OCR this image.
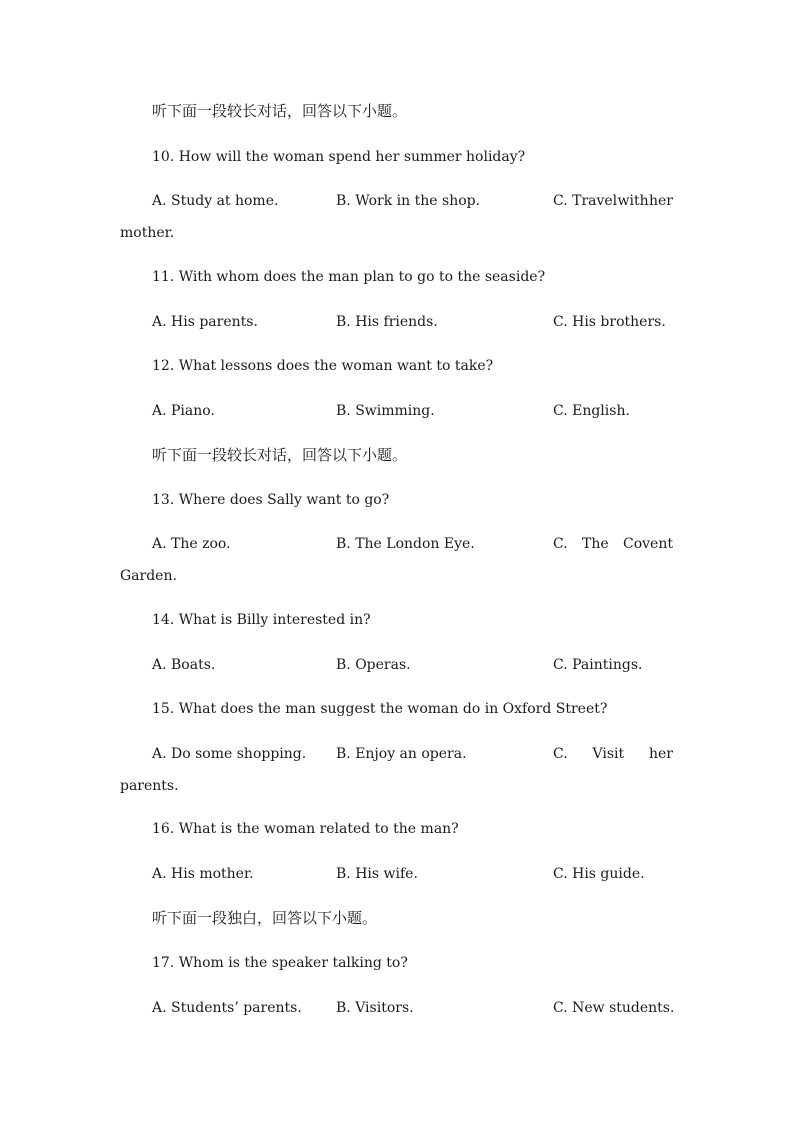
听下面一段较长对话，回答以下小题。
10. How will the woman spend her summer holiday?
A. Study at home.	B. Work in the shop.	C. Travel with her
mother.
11. With whom does the man plan to go to the seaside?
A. His parents.	B. His friends.	C. His brothers.
12. What lessons does the woman want to take?
A. Piano.	B. Swimming.	C. English.
听下面一段较长对话，回答以下小题。
13. Where does Sally want to go?
A. The zoo.	B. The London Eye.	C. The Covent
Garden.
14. What is Billy interested in?
A. Boats.	B. Operas.	C. Paintings.
15. What does the man suggest the woman do in Oxford Street?
A. Do some shopping. B. Enjoy an opera.	C. Visit her
parents.
16. What is the woman related to the man?
A. His mother.	B. His wife.	C. His guide.
听下面一段独白，回答以下小题。
17. Whom is the speaker talking to?
A. Students’ parents. B. Visitors.	C. New students.
